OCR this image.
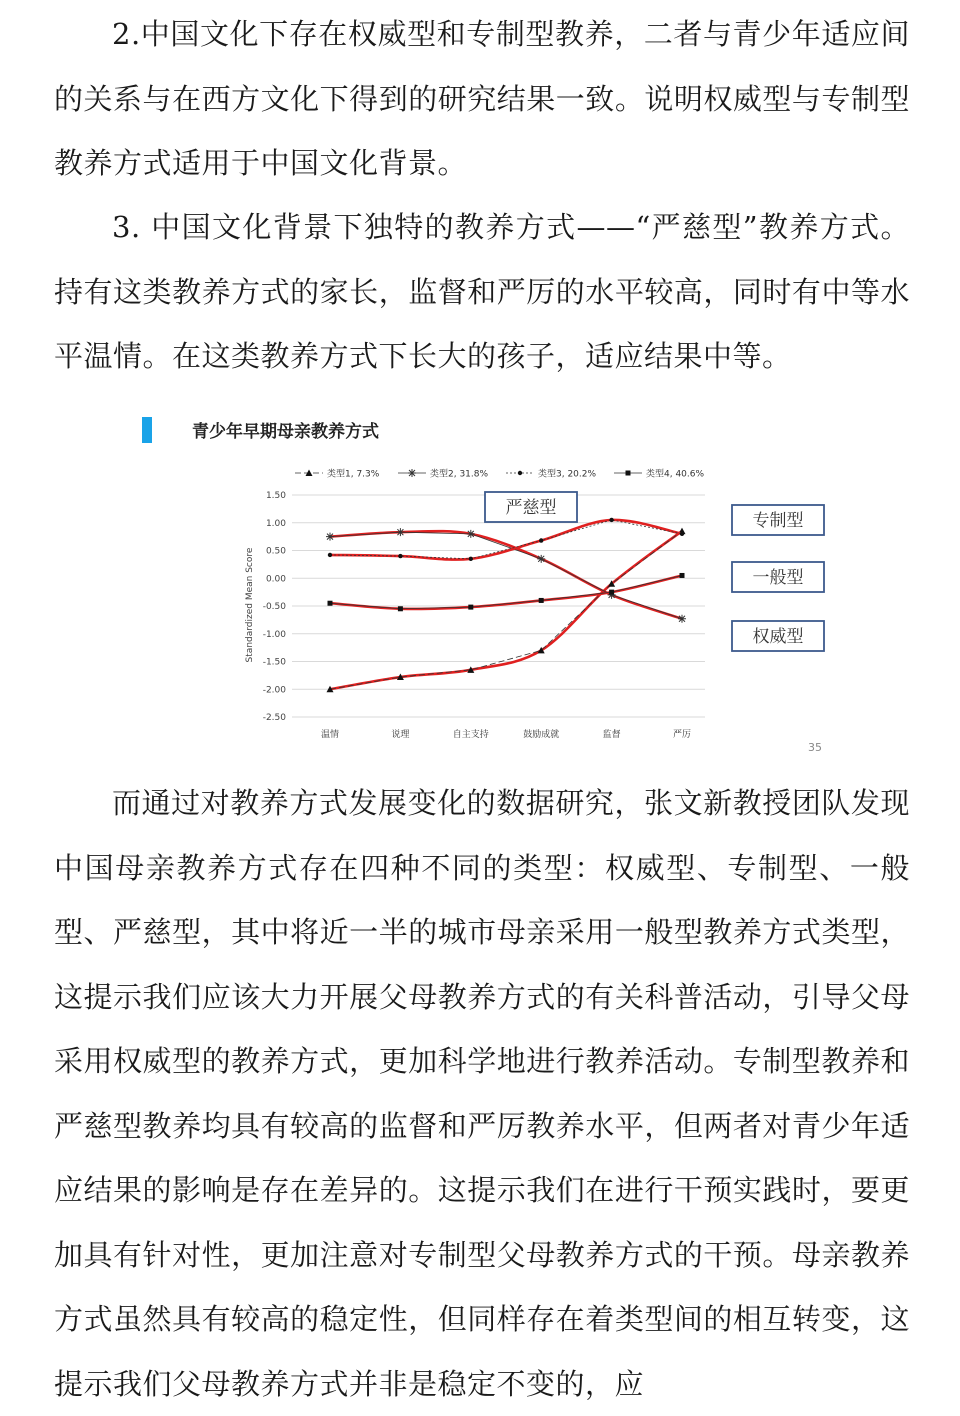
2.中国文化下存在权威型和专制型教养，二者与青少年适应间的关系与在西方文化下得到的研究结果一致。说明权威型与专制型教养方式适用于中国文化背景。

3. 中国文化背景下独特的教养方式——“严慈型”教养方式。持有这类教养方式的家长，监督和严厉的水平较高，同时有中等水平温情。在这类教养方式下长大的孩子，适应结果中等。

青少年早期母亲教养方式
类型1, 7.3%	类型2, 31.8%	类型3, 20.2%	类型4, 40.6%
1.50
1.00
0.50
0.00
-0.50
-1.00
-1.50
-2.00
-2.50
温情	说理	自主支持	鼓励成就	监督	严厉
Standardized Mean Score
严慈型
专制型
一般型
权威型
35

而通过对教养方式发展变化的数据研究，张文新教授团队发现中国母亲教养方式存在四种不同的类型：权威型、专制型、一般型、严慈型，其中将近一半的城市母亲采用一般型教养方式类型，这提示我们应该大力开展父母教养方式的有关科普活动，引导父母采用权威型的教养方式，更加科学地进行教养活动。专制型教养和严慈型教养均具有较高的监督和严厉教养水平，但两者对青少年适应结果的影响是存在差异的。这提示我们在进行干预实践时，要更加具有针对性，更加注意对专制型父母教养方式的干预。母亲教养方式虽然具有较高的稳定性，但同样存在着类型间的相互转变，这提示我们父母教养方式并非是稳定不变的，应
